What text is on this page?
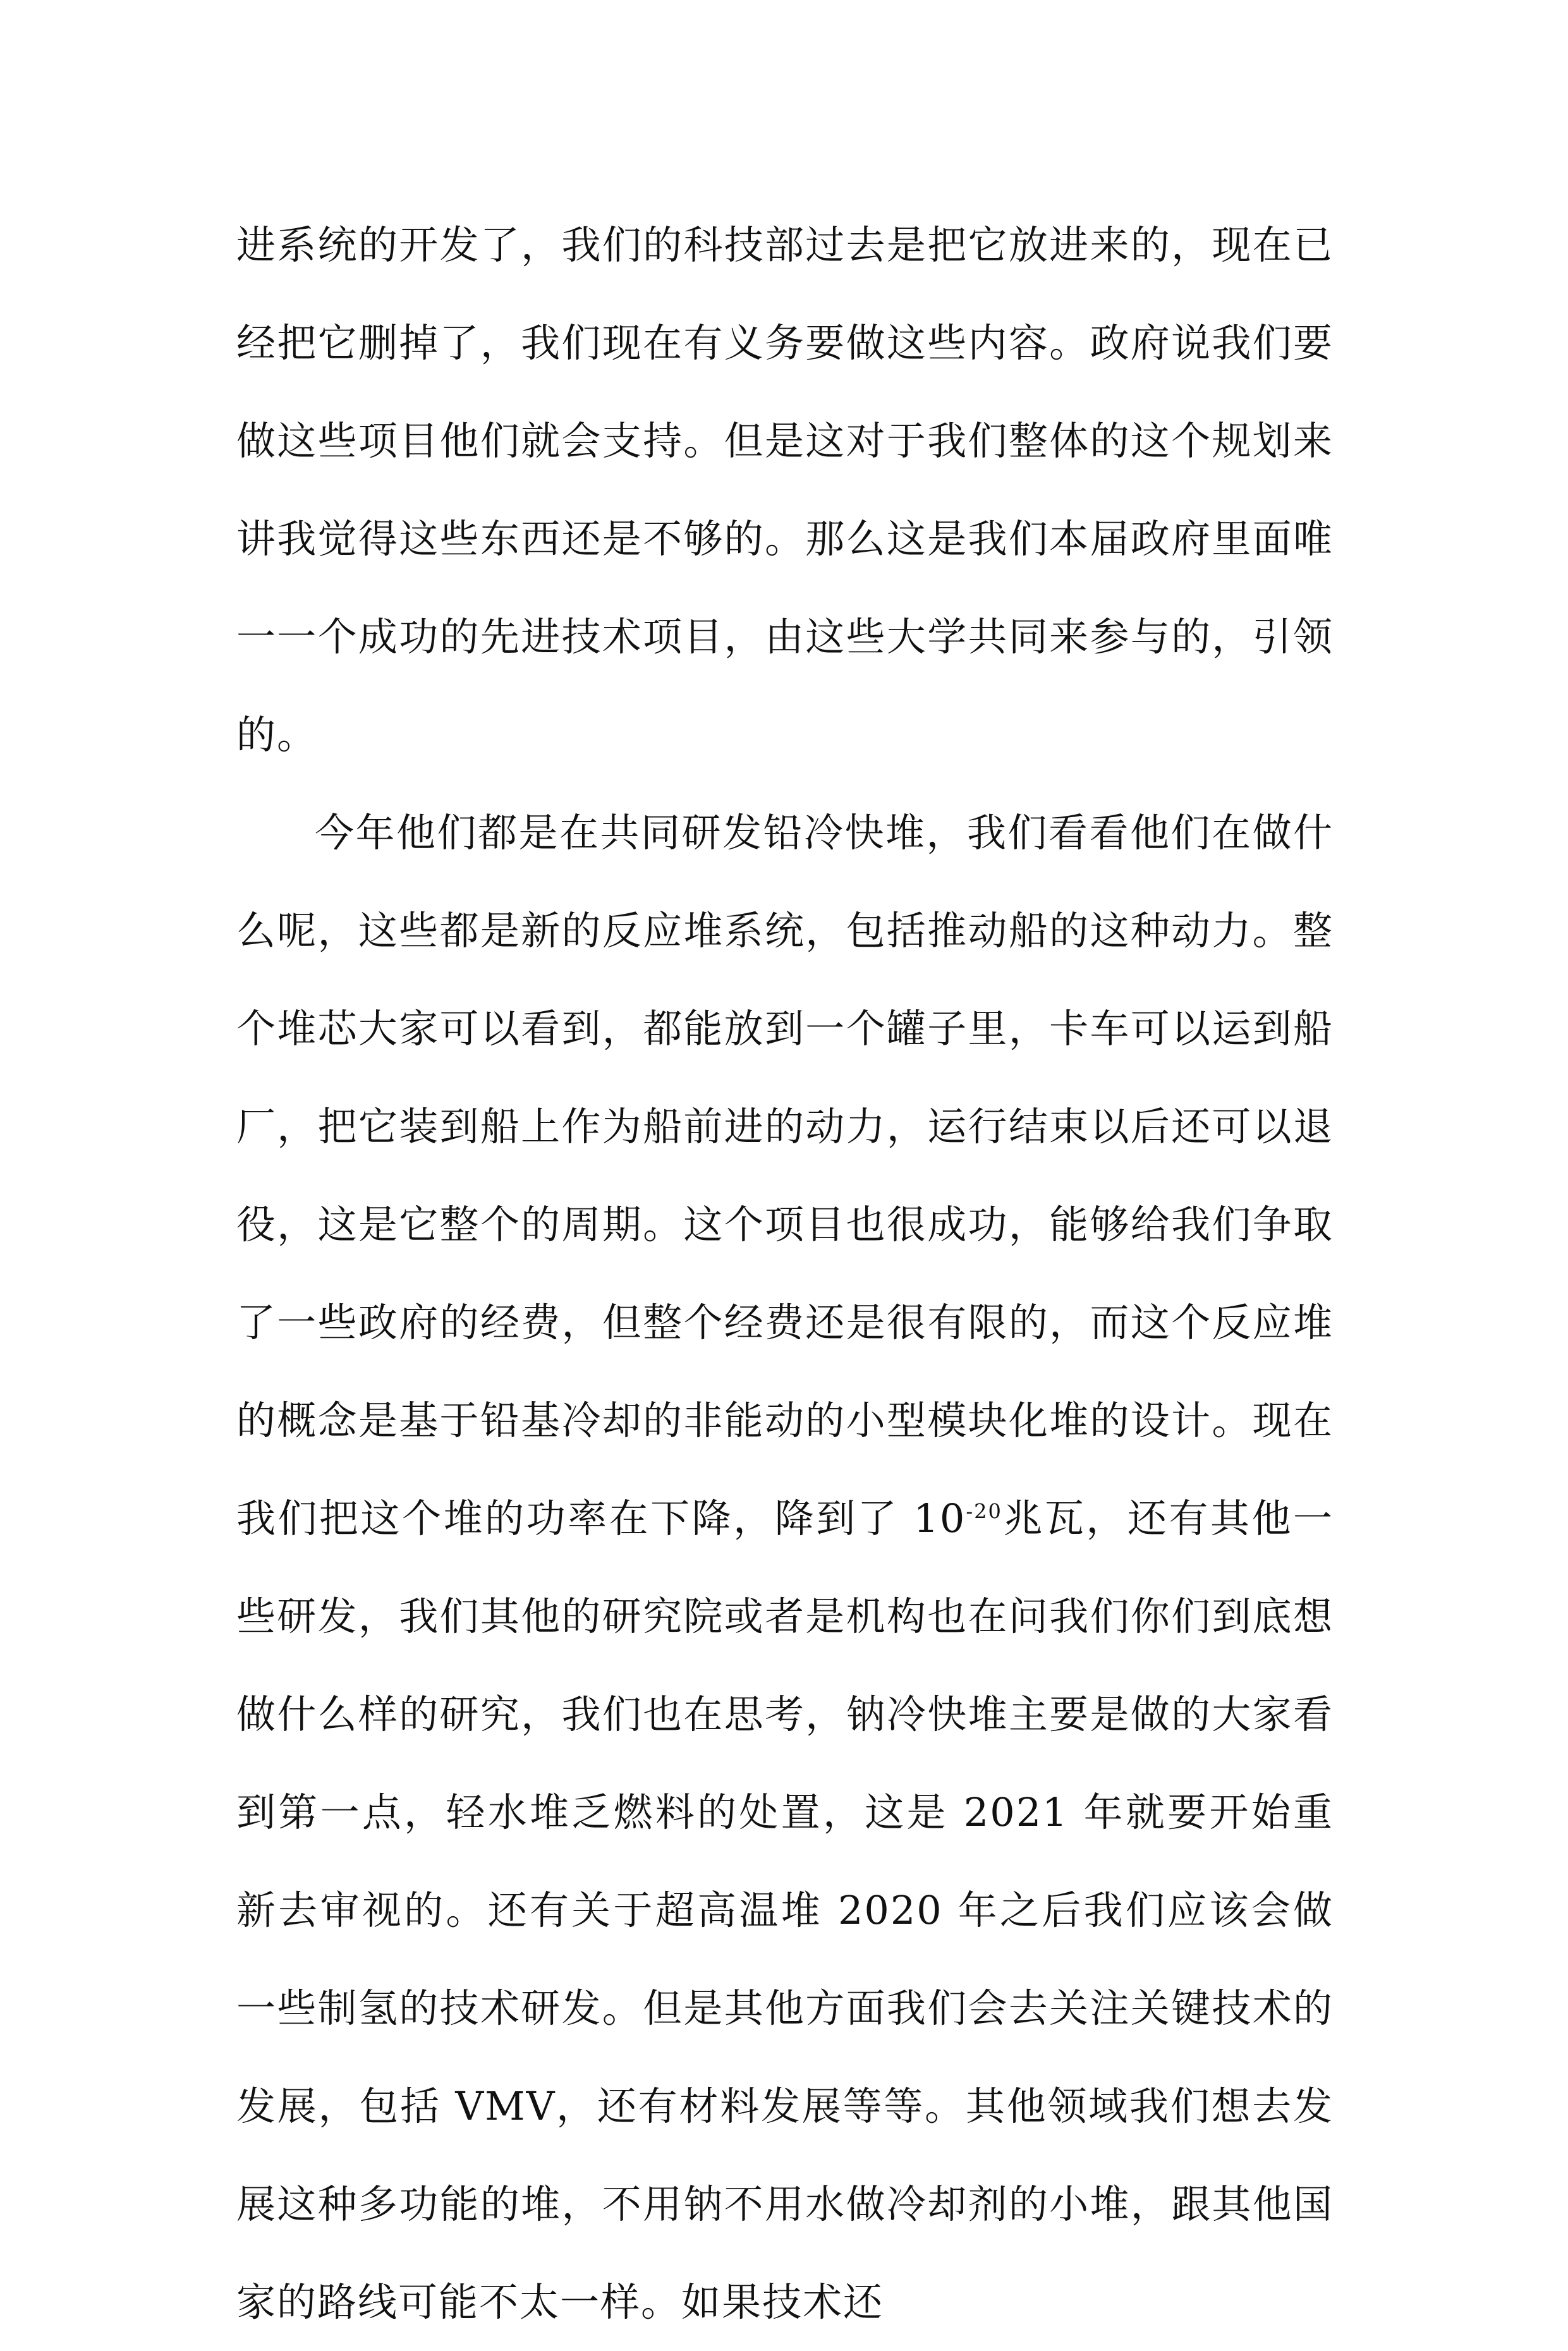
进系统的开发了，我们的科技部过去是把它放进来的，现在已经把它删掉了，我们现在有义务要做这些内容。政府说我们要做这些项目他们就会支持。但是这对于我们整体的这个规划来讲我觉得这些东西还是不够的。那么这是我们本届政府里面唯一一个成功的先进技术项目，由这些大学共同来参与的，引领的。

今年他们都是在共同研发铅冷快堆，我们看看他们在做什么呢，这些都是新的反应堆系统，包括推动船的这种动力。整个堆芯大家可以看到，都能放到一个罐子里，卡车可以运到船厂，把它装到船上作为船前进的动力，运行结束以后还可以退役，这是它整个的周期。这个项目也很成功，能够给我们争取了一些政府的经费，但整个经费还是很有限的，而这个反应堆的概念是基于铅基冷却的非能动的小型模块化堆的设计。现在我们把这个堆的功率在下降，降到了 $10^{-20}$兆瓦，还有其他一些研发，我们其他的研究院或者是机构也在问我们你们到底想做什么样的研究，我们也在思考，钠冷快堆主要是做的大家看到第一点，轻水堆乏燃料的处置，这是 2021 年就要开始重新去审视的。还有关于超高温堆 2020 年之后我们应该会做一些制氢的技术研发。但是其他方面我们会去关注关键技术的发展，包括 VMV，还有材料发展等等。其他领域我们想去发展这种多功能的堆，不用钠不用水做冷却剂的小堆，跟其他国家的路线可能不太一样。如果技术还
